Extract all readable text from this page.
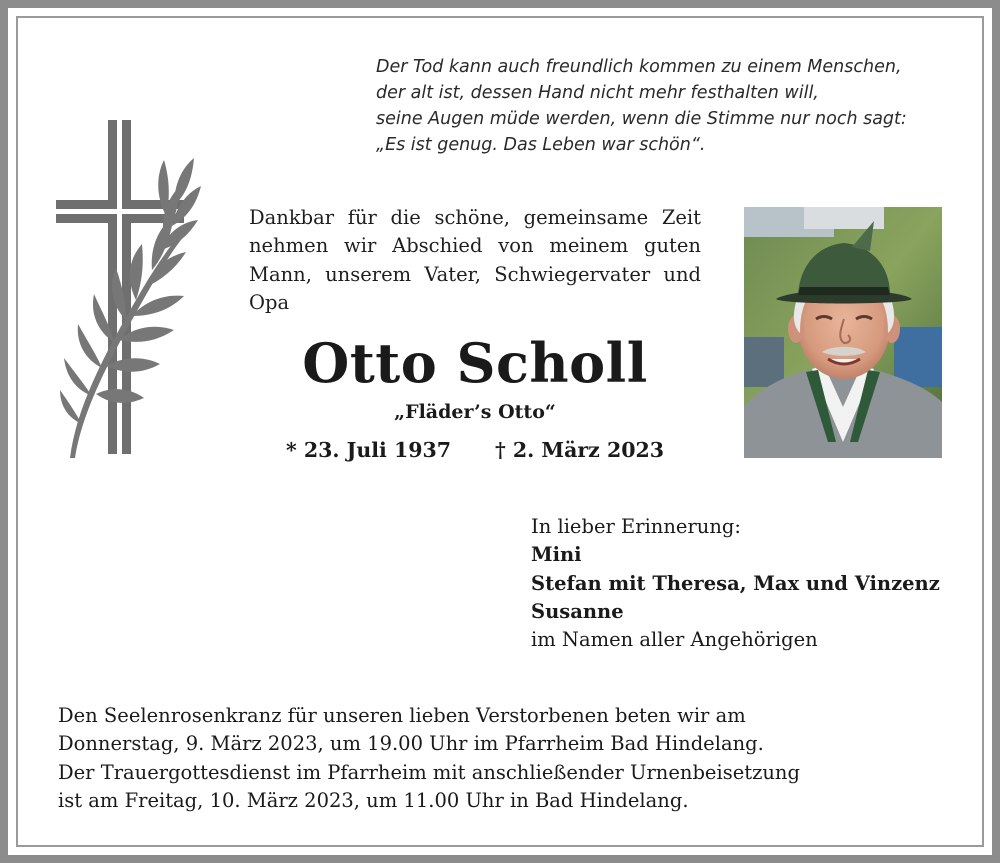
Der Tod kann auch freundlich kommen zu einem Menschen,
der alt ist, dessen Hand nicht mehr festhalten will,
seine Augen müde werden, wenn die Stimme nur noch sagt:
„Es ist genug. Das Leben war schön“.

Dankbar für die schöne, gemeinsame Zeit nehmen wir Abschied von meinem guten Mann, unserem Vater, Schwiegervater und Opa

Otto Scholl
„Fläder’s Otto“
* 23. Juli 1937 † 2. März 2023
In lieber Erinnerung:
Mini
Stefan mit Theresa, Max und Vinzenz
Susanne
im Namen aller Angehörigen
Den Seelenrosenkranz für unseren lieben Verstorbenen beten wir am
Donnerstag, 9. März 2023, um 19.00 Uhr im Pfarrheim Bad Hindelang.
Der Trauergottesdienst im Pfarrheim mit anschließender Urnenbeisetzung
ist am Freitag, 10. März 2023, um 11.00 Uhr in Bad Hindelang.
